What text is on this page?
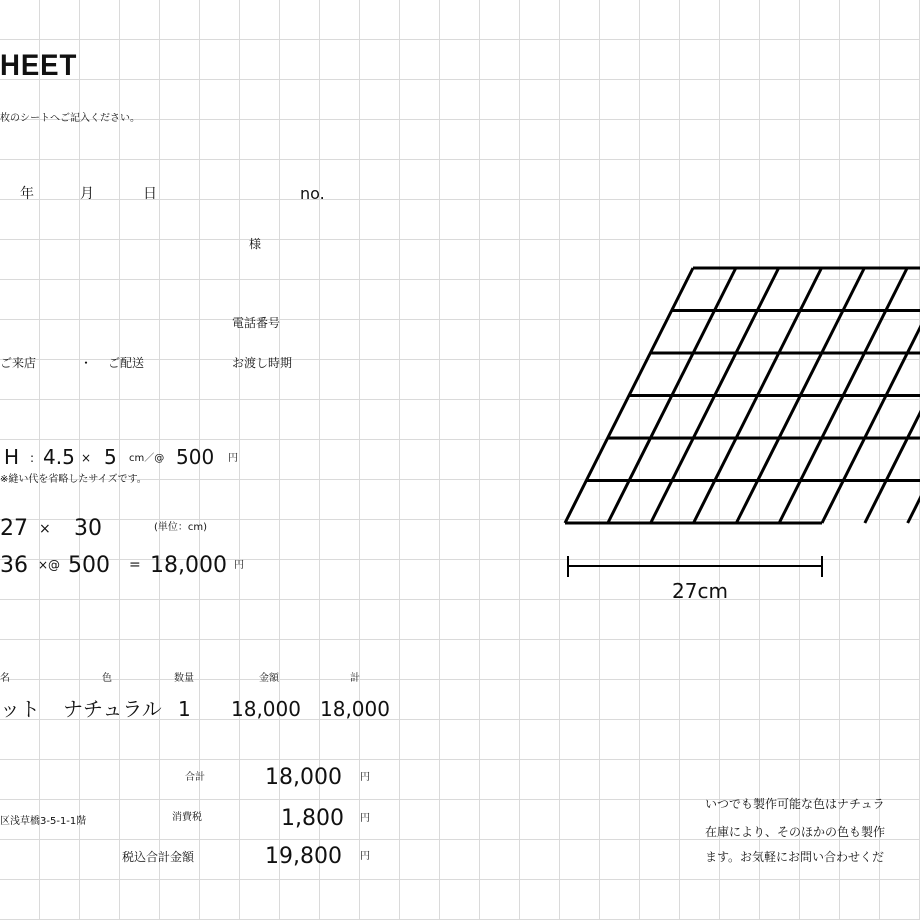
HEET
枚のシートへご記入ください。
年	月	日	no.
様
電話番号
ご来店	・ ご配送	お渡し時期
H : 4.5 × 5 cm／@ 500 円
※縫い代を省略したサイズです。
27 × 30	(単位：cm)
36 ×@ 500 = 18,000 円
名	色	数量	金額	計
ット ナチュラル 1 18,000 18,000
合計	18,000 円
区浅草橋3-5-1-1階	消費税	1,800 円
税込合計金額	19,800 円
27cm
いつでも製作可能な色はナチュラ
在庫により、そのほかの色も製作
ます。お気軽にお問い合わせくだ
